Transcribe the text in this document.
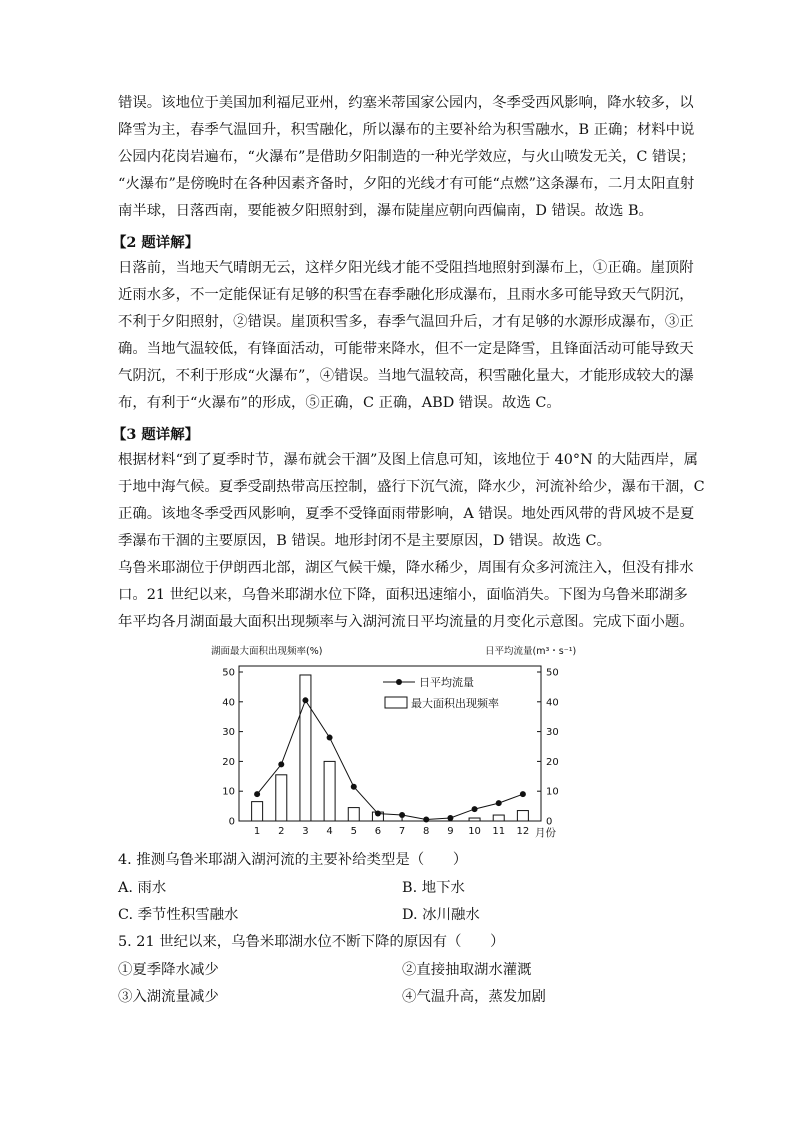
错误。该地位于美国加利福尼亚州，约塞米蒂国家公园内，冬季受西风影响，降水较多，以
降雪为主，春季气温回升，积雪融化，所以瀑布的主要补给为积雪融水，B 正确；材料中说
公园内花岗岩遍布，“火瀑布”是借助夕阳制造的一种光学效应，与火山喷发无关，C 错误；
“火瀑布”是傍晚时在各种因素齐备时，夕阳的光线才有可能“点燃”这条瀑布，二月太阳直射
南半球，日落西南，要能被夕阳照射到，瀑布陡崖应朝向西偏南，D 错误。故选 B。
【2 题详解】
日落前，当地天气晴朗无云，这样夕阳光线才能不受阻挡地照射到瀑布上，①正确。崖顶附
近雨水多，不一定能保证有足够的积雪在春季融化形成瀑布，且雨水多可能导致天气阴沉，
不利于夕阳照射，②错误。崖顶积雪多，春季气温回升后，才有足够的水源形成瀑布，③正
确。当地气温较低，有锋面活动，可能带来降水，但不一定是降雪，且锋面活动可能导致天
气阴沉，不利于形成“火瀑布”，④错误。当地气温较高，积雪融化量大，才能形成较大的瀑
布，有利于“火瀑布”的形成，⑤正确，C 正确，ABD 错误。故选 C。
【3 题详解】
根据材料“到了夏季时节，瀑布就会干涸”及图上信息可知，该地位于 40°N 的大陆西岸，属
于地中海气候。夏季受副热带高压控制，盛行下沉气流，降水少，河流补给少，瀑布干涸，C
正确。该地冬季受西风影响，夏季不受锋面雨带影响，A 错误。地处西风带的背风坡不是夏
季瀑布干涸的主要原因，B 错误。地形封闭不是主要原因，D 错误。故选 C。
乌鲁米耶湖位于伊朗西北部，湖区气候干燥，降水稀少，周围有众多河流注入，但没有排水
口。21 世纪以来，乌鲁米耶湖水位下降，面积迅速缩小，面临消失。下图为乌鲁米耶湖多
年平均各月湖面最大面积出现频率与入湖河流日平均流量的月变化示意图。完成下面小题。
湖面最大面积出现频率(%)	日平均流量(m³・s⁻¹)
日平均流量
最大面积出现频率
月份
0
10
20
30
40
50
0
10
20
30
40
50
1 2 3 4 5 6 7 8 9 10 11 12
4. 推测乌鲁米耶湖入湖河流的主要补给类型是（　　）
A. 雨水	B. 地下水
C. 季节性积雪融水	D. 冰川融水
5. 21 世纪以来，乌鲁米耶湖水位不断下降的原因有（　　）
①夏季降水减少	②直接抽取湖水灌溉
③入湖流量减少	④气温升高，蒸发加剧
